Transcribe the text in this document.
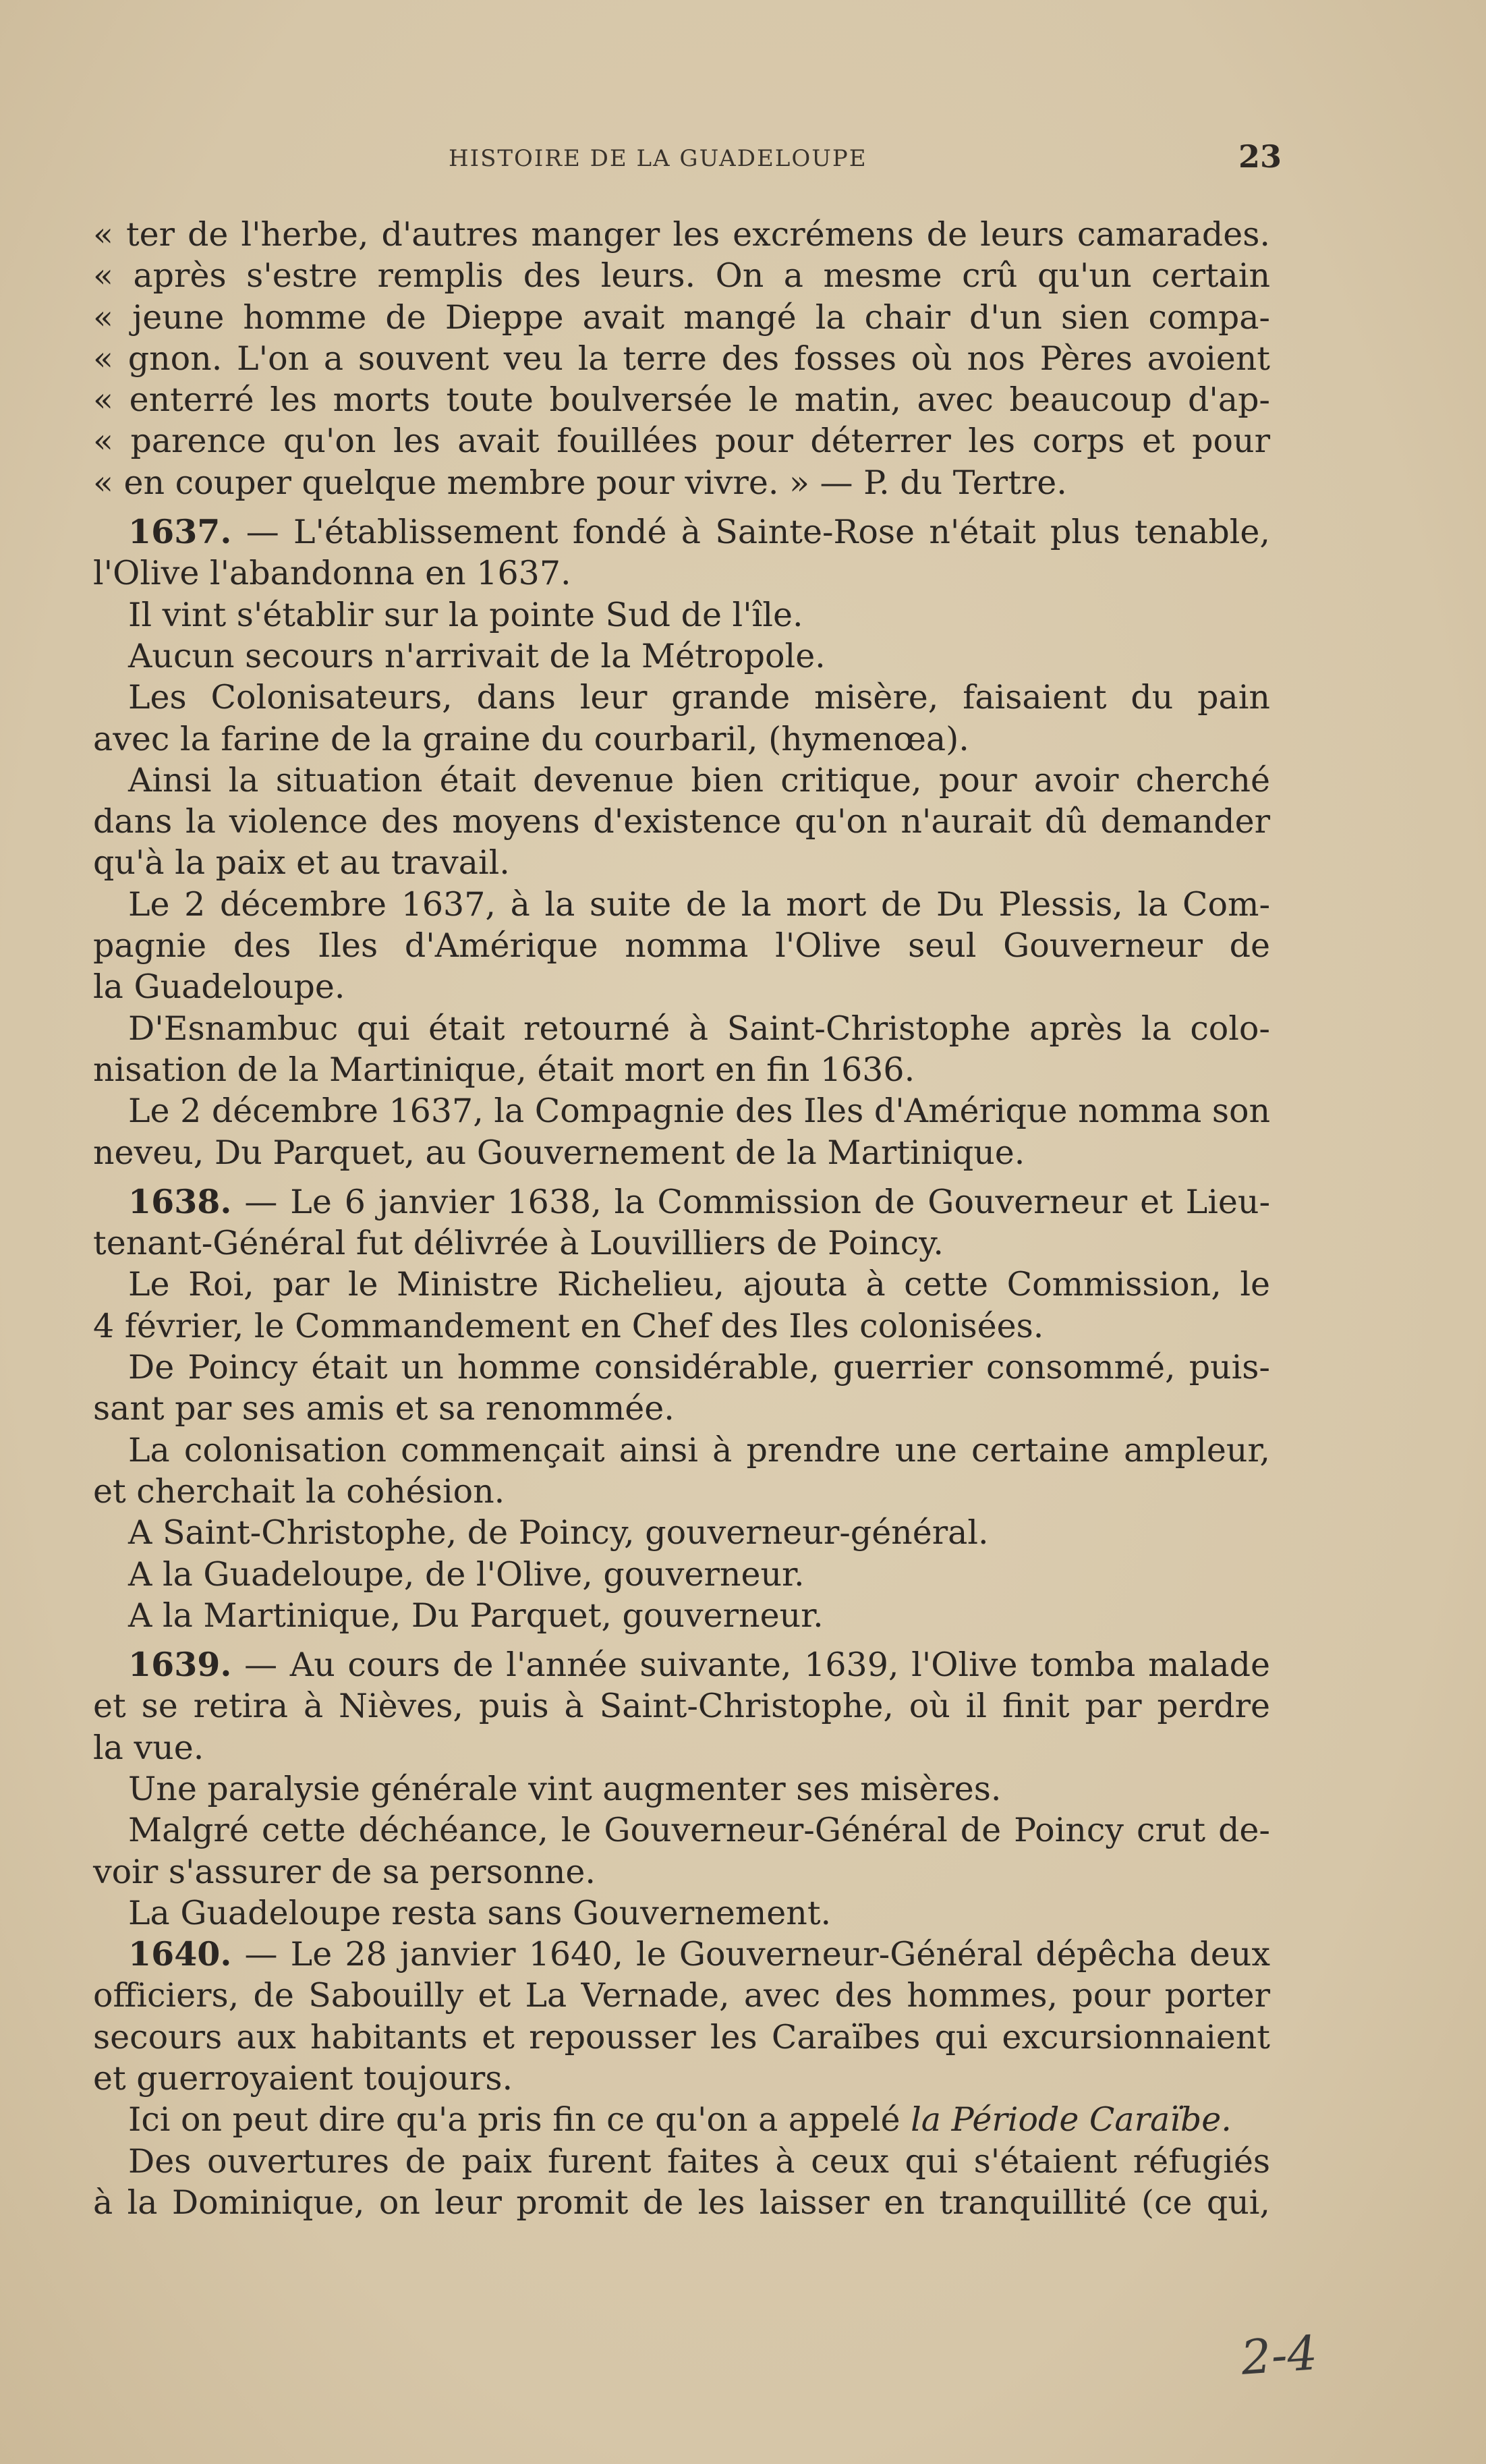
HISTOIRE DE LA GUADELOUPE	23
« ter de l'herbe, d'autres manger les excrémens de leurs camarades.
« après s'estre remplis des leurs. On a mesme crû qu'un certain
« jeune homme de Dieppe avait mangé la chair d'un sien compa-
« gnon. L'on a souvent veu la terre des fosses où nos Pères avoient
« enterré les morts toute boulversée le matin, avec beaucoup d'ap-
« parence qu'on les avait fouillées pour déterrer les corps et pour
« en couper quelque membre pour vivre. » — P. du Tertre.
1637. — L'établissement fondé à Sainte-Rose n'était plus tenable,
l'Olive l'abandonna en 1637.
Il vint s'établir sur la pointe Sud de l'île.
Aucun secours n'arrivait de la Métropole.
Les Colonisateurs, dans leur grande misère, faisaient du pain
avec la farine de la graine du courbaril, (hymenœa).
Ainsi la situation était devenue bien critique, pour avoir cherché
dans la violence des moyens d'existence qu'on n'aurait dû demander
qu'à la paix et au travail.
Le 2 décembre 1637, à la suite de la mort de Du Plessis, la Com-
pagnie des Iles d'Amérique nomma l'Olive seul Gouverneur de
la Guadeloupe.
D'Esnambuc qui était retourné à Saint-Christophe après la colo-
nisation de la Martinique, était mort en fin 1636.
Le 2 décembre 1637, la Compagnie des Iles d'Amérique nomma son
neveu, Du Parquet, au Gouvernement de la Martinique.
1638. — Le 6 janvier 1638, la Commission de Gouverneur et Lieu-
tenant-Général fut délivrée à Louvilliers de Poincy.
Le Roi, par le Ministre Richelieu, ajouta à cette Commission, le
4 février, le Commandement en Chef des Iles colonisées.
De Poincy était un homme considérable, guerrier consommé, puis-
sant par ses amis et sa renommée.
La colonisation commençait ainsi à prendre une certaine ampleur,
et cherchait la cohésion.
A Saint-Christophe, de Poincy, gouverneur-général.
A la Guadeloupe, de l'Olive, gouverneur.
A la Martinique, Du Parquet, gouverneur.
1639. — Au cours de l'année suivante, 1639, l'Olive tomba malade
et se retira à Nièves, puis à Saint-Christophe, où il finit par perdre
la vue.
Une paralysie générale vint augmenter ses misères.
Malgré cette déchéance, le Gouverneur-Général de Poincy crut de-
voir s'assurer de sa personne.
La Guadeloupe resta sans Gouvernement.
1640. — Le 28 janvier 1640, le Gouverneur-Général dépêcha deux
officiers, de Sabouilly et La Vernade, avec des hommes, pour porter
secours aux habitants et repousser les Caraïbes qui excursionnaient
et guerroyaient toujours.
Ici on peut dire qu'a pris fin ce qu'on a appelé la Période Caraïbe.
Des ouvertures de paix furent faites à ceux qui s'étaient réfugiés
à la Dominique, on leur promit de les laisser en tranquillité (ce qui,
2-4
